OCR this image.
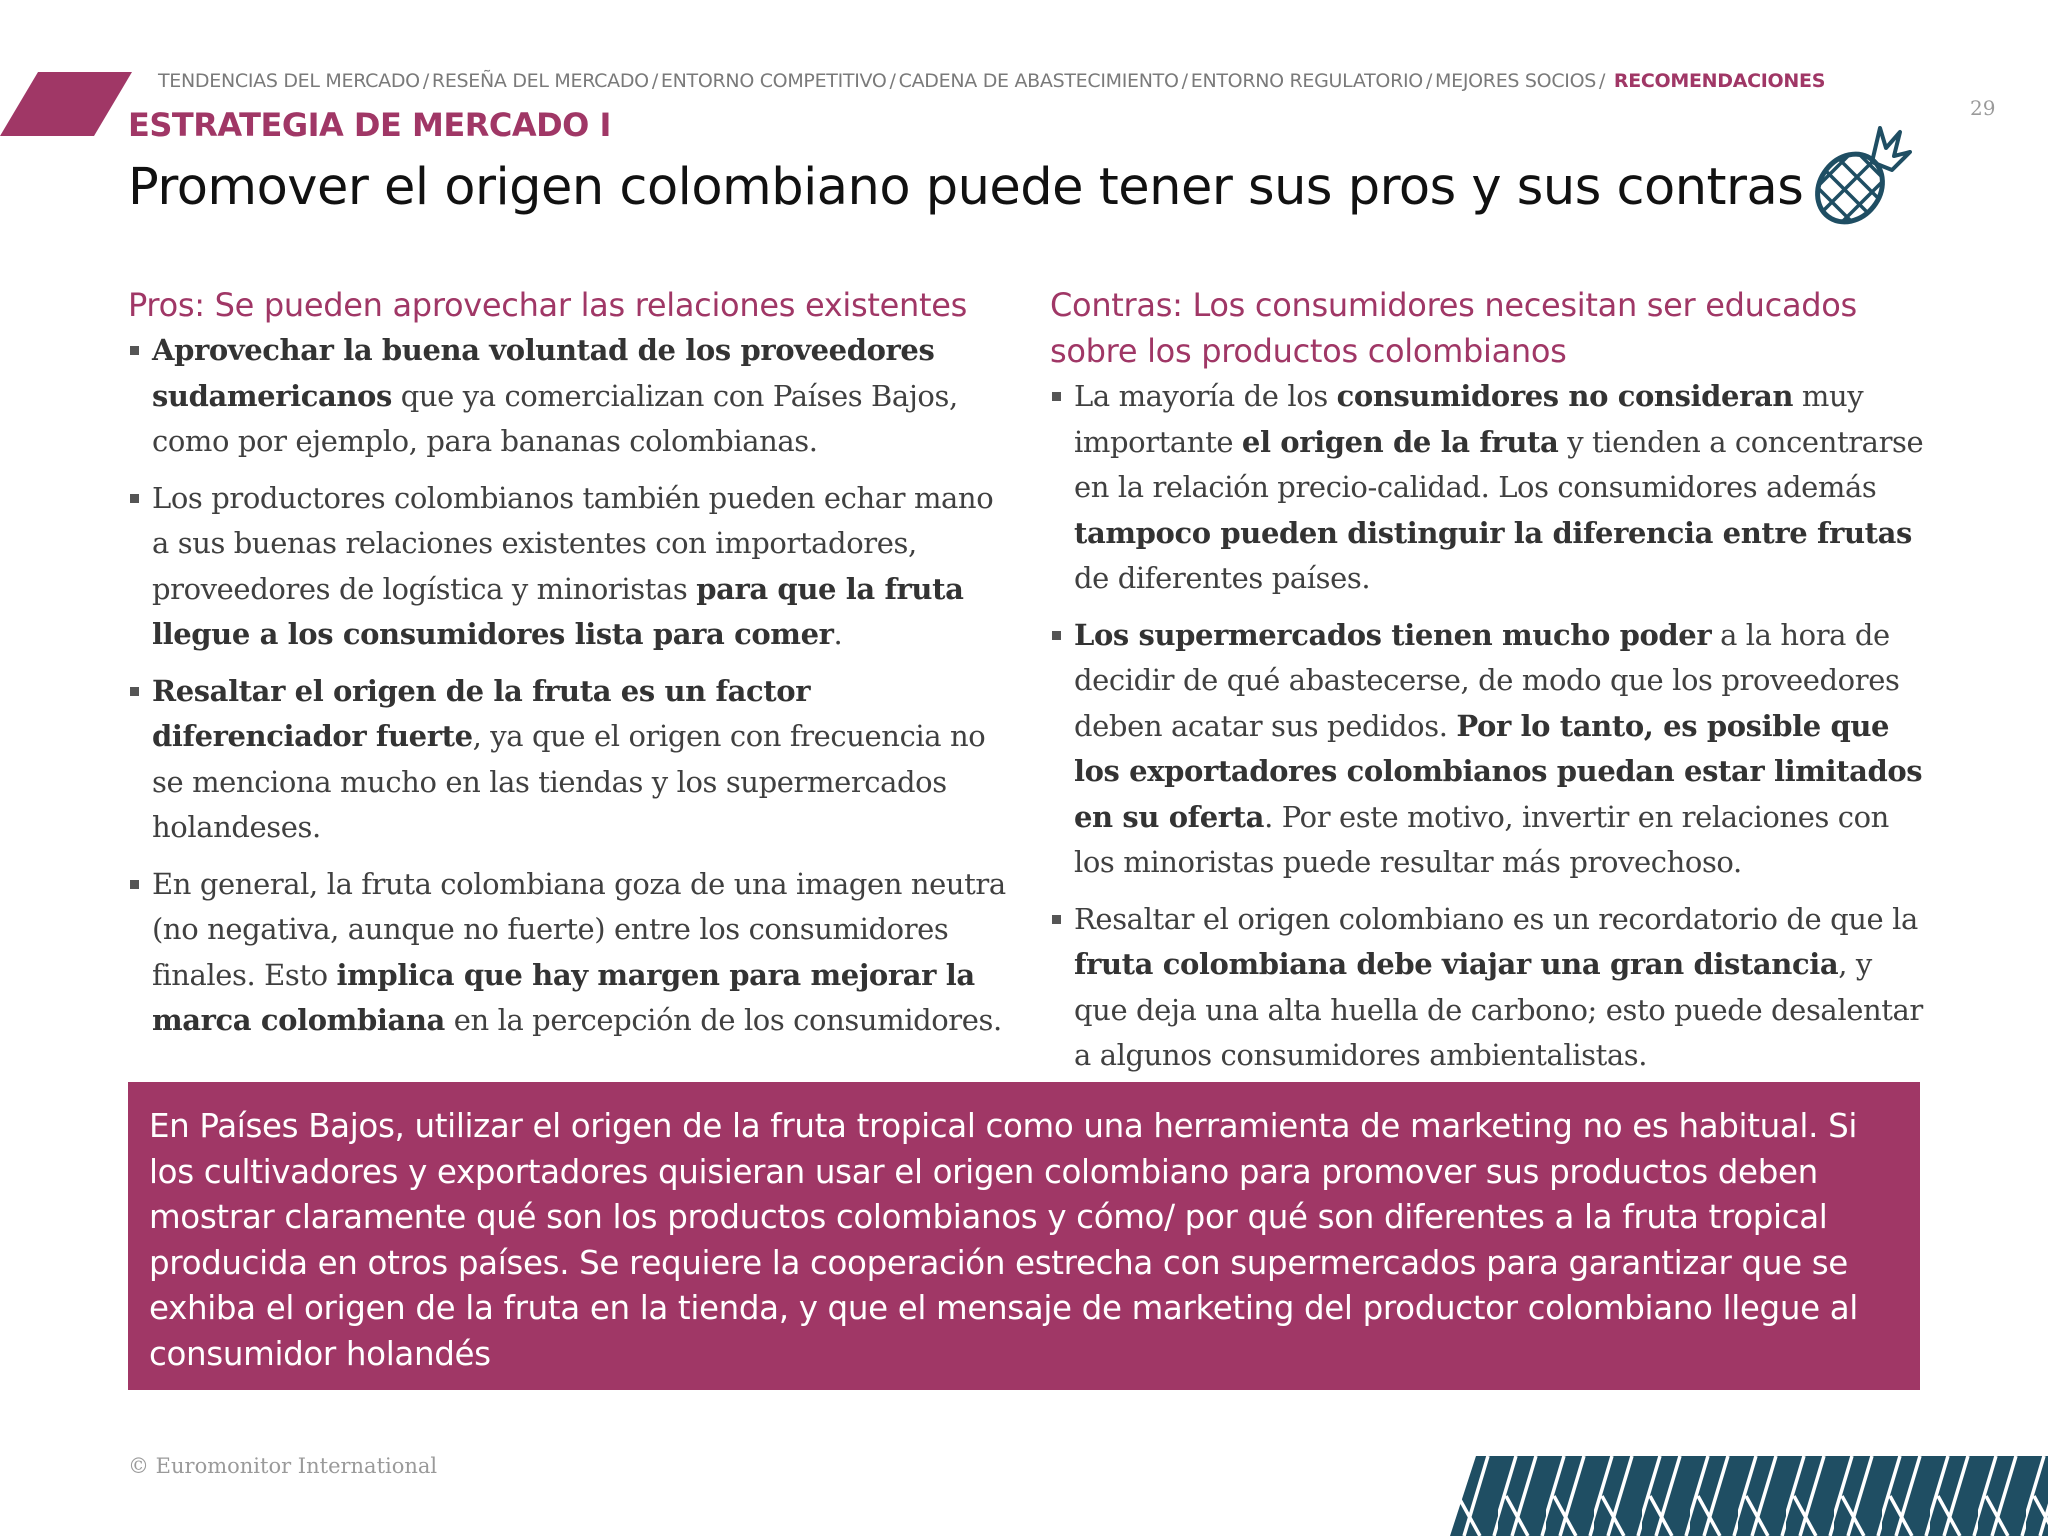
TENDENCIAS DEL MERCADO / RESEÑA DEL MERCADO / ENTORNO COMPETITIVO / CADENA DE ABASTECIMIENTO / ENTORNO REGULATORIO / MEJORES SOCIOS / RECOMENDACIONES
29
ESTRATEGIA DE MERCADO I
Promover el origen colombiano puede tener sus pros y sus contras
Pros: Se pueden aprovechar las relaciones existentes
Aprovechar la buena voluntad de los proveedores sudamericanos que ya comercializan con Países Bajos, como por ejemplo, para bananas colombianas.
Los productores colombianos también pueden echar mano a sus buenas relaciones existentes con importadores, proveedores de logística y minoristas para que la fruta llegue a los consumidores lista para comer.
Resaltar el origen de la fruta es un factor diferenciador fuerte, ya que el origen con frecuencia no se menciona mucho en las tiendas y los supermercados holandeses.
En general, la fruta colombiana goza de una imagen neutra (no negativa, aunque no fuerte) entre los consumidores finales. Esto implica que hay margen para mejorar la marca colombiana en la percepción de los consumidores.
Contras: Los consumidores necesitan ser educados sobre los productos colombianos
La mayoría de los consumidores no consideran muy importante el origen de la fruta y tienden a concentrarse en la relación precio-calidad. Los consumidores además tampoco pueden distinguir la diferencia entre frutas de diferentes países.
Los supermercados tienen mucho poder a la hora de decidir de qué abastecerse, de modo que los proveedores deben acatar sus pedidos. Por lo tanto, es posible que los exportadores colombianos puedan estar limitados en su oferta. Por este motivo, invertir en relaciones con los minoristas puede resultar más provechoso.
Resaltar el origen colombiano es un recordatorio de que la fruta colombiana debe viajar una gran distancia, y que deja una alta huella de carbono; esto puede desalentar a algunos consumidores ambientalistas.
En Países Bajos, utilizar el origen de la fruta tropical como una herramienta de marketing no es habitual. Si los cultivadores y exportadores quisieran usar el origen colombiano para promover sus productos deben mostrar claramente qué son los productos colombianos y cómo/ por qué son diferentes a la fruta tropical producida en otros países. Se requiere la cooperación estrecha con supermercados para garantizar que se exhiba el origen de la fruta en la tienda, y que el mensaje de marketing del productor colombiano llegue al consumidor holandés
© Euromonitor International
